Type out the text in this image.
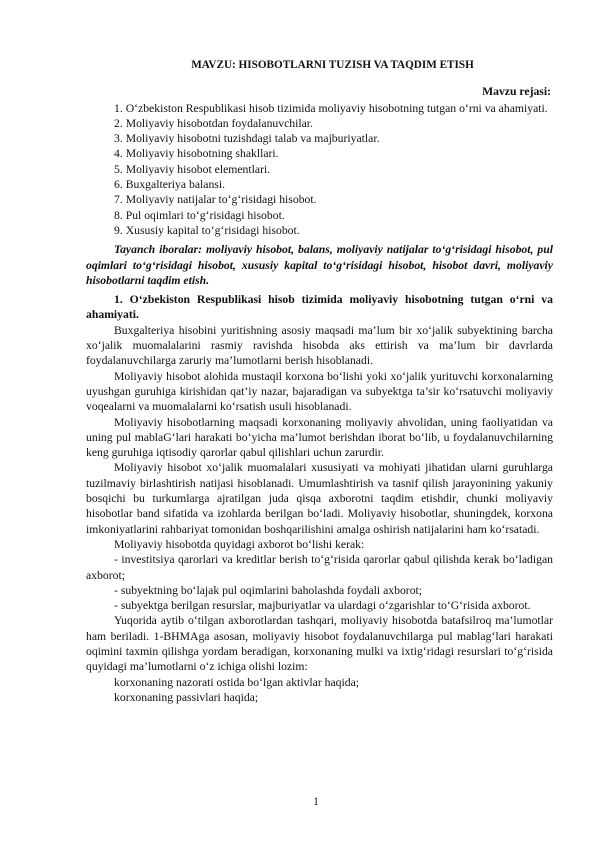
MAVZU: HISOBOTLARNI TUZISH VA TAQDIM ETISH
Mavzu rejasi:

1. O‘zbekiston Respublikasi hisob tizimida moliyaviy hisobotning tutgan o‘rni va ahamiyati.

2. Moliyaviy hisobotdan foydalanuvchilar.

3. Moliyaviy hisobotni tuzishdagi talab va majburiyatlar.

4. Moliyaviy hisobotning shakllari.

5. Moliyaviy hisobot elementlari.

6. Buxgalteriya balansi.

7. Moliyaviy natijalar to‘g‘risidagi hisobot.

8. Pul oqimlari to‘g‘risidagi hisobot.

9. Xususiy kapital to‘g‘risidagi hisobot.

Tayanch iboralar: moliyaviy hisobot, balans, moliyaviy natijalar to‘g‘risidagi hisobot, pul oqimlari to‘g‘risidagi hisobot, xususiy kapital to‘g‘risidagi hisobot, hisobot davri, moliyaviy hisobotlarni taqdim etish.

1. O‘zbekiston Respublikasi hisob tizimida moliyaviy hisobotning tutgan o‘rni va ahamiyati.

Buxgalteriya hisobini yuritishning asosiy maqsadi ma’lum bir xo‘jalik subyektining barcha xo‘jalik muomalalarini rasmiy ravishda hisobda aks ettirish va ma’lum bir davrlarda foydalanuvchilarga zaruriy ma’lumotlarni berish hisoblanadi.

Moliyaviy hisobot alohida mustaqil korxona bo‘lishi yoki xo‘jalik yurituvchi korxonalarning uyushgan guruhiga kirishidan qat’iy nazar, bajaradigan va subyektga ta’sir ko‘rsatuvchi moliyaviy voqealarni va muomalalarni ko‘rsatish usuli hisoblanadi.

Moliyaviy hisobotlarning maqsadi korxonaning moliyaviy ahvolidan, uning faoliyatidan va uning pul mablaG‘lari harakati bo‘yicha ma’lumot berishdan iborat bo‘lib, u foydalanuvchilarning keng guruhiga iqtisodiy qarorlar qabul qilishlari uchun zarurdir.

Moliyaviy hisobot xo‘jalik muomalalari xususiyati va mohiyati jihatidan ularni guruhlarga tuzilmaviy birlashtirish natijasi hisoblanadi. Umumlashtirish va tasnif qilish jarayonining yakuniy bosqichi bu turkumlarga ajratilgan juda qisqa axborotni taqdim etishdir, chunki moliyaviy hisobotlar band sifatida va izohlarda berilgan bo‘ladi. Moliyaviy hisobotlar, shuningdek, korxona imkoniyatlarini rahbariyat tomonidan boshqarilishini amalga oshirish natijalarini ham ko‘rsatadi.

Moliyaviy hisobotda quyidagi axborot bo‘lishi kerak:

- investitsiya qarorlari va kreditlar berish to‘g‘risida qarorlar qabul qilishda kerak bo‘ladigan axborot;

- subyektning bo‘lajak pul oqimlarini baholashda foydali axborot;

- subyektga berilgan resurslar, majburiyatlar va ulardagi o‘zgarishlar to‘G‘risida axborot.

Yuqorida aytib o‘tilgan axborotlardan tashqari, moliyaviy hisobotda batafsilroq ma’lumotlar ham beriladi. 1-BHMAga asosan, moliyaviy hisobot foydalanuvchilarga pul mablag‘lari harakati oqimini taxmin qilishga yordam beradigan, korxonaning mulki va ixtig‘ridagi resurslari to‘g‘risida quyidagi ma’lumotlarni o‘z ichiga olishi lozim:

korxonaning nazorati ostida bo‘lgan aktivlar haqida;

korxonaning passivlari haqida;

1
